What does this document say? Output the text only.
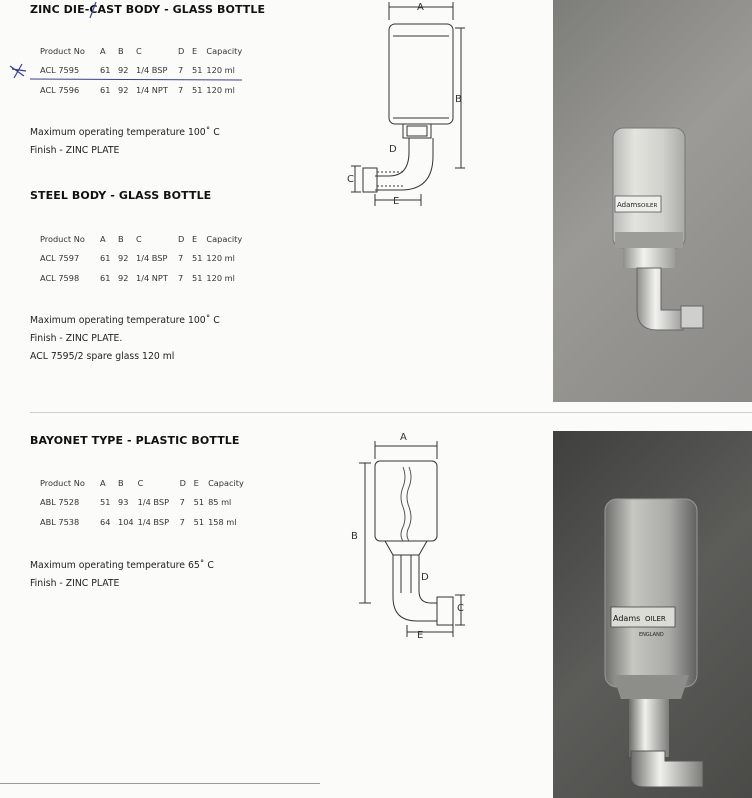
ZINC DIE-CAST BODY - GLASS BOTTLE
Product No	A	B	C	D	E	Capacity
ACL 7595	61	92	1/4 BSP	7	51	120 ml
ACL 7596	61	92	1/4 NPT	7	51	120 ml
Maximum operating temperature 100˚ C
Finish - ZINC PLATE
STEEL BODY - GLASS BOTTLE
Product No	A	B	C	D	E	Capacity
ACL 7597	61	92	1/4 BSP	7	51	120 ml
ACL 7598	61	92	1/4 NPT	7	51	120 ml
Maximum operating temperature 100˚ C
Finish - ZINC PLATE.
ACL 7595/2 spare glass 120 ml
BAYONET TYPE - PLASTIC BOTTLE
Product No	A	B	C	D	E	Capacity
ABL 7528	51	93	1/4 BSP	7	51	85 ml
ABL 7538	64	104	1/4 BSP	7	51	158 ml
Maximum operating temperature 65˚ C
Finish - ZINC PLATE
A
B
C
D
E
A
B
C
D
E
Adams OILER
Adams OILER
ENGLAND
